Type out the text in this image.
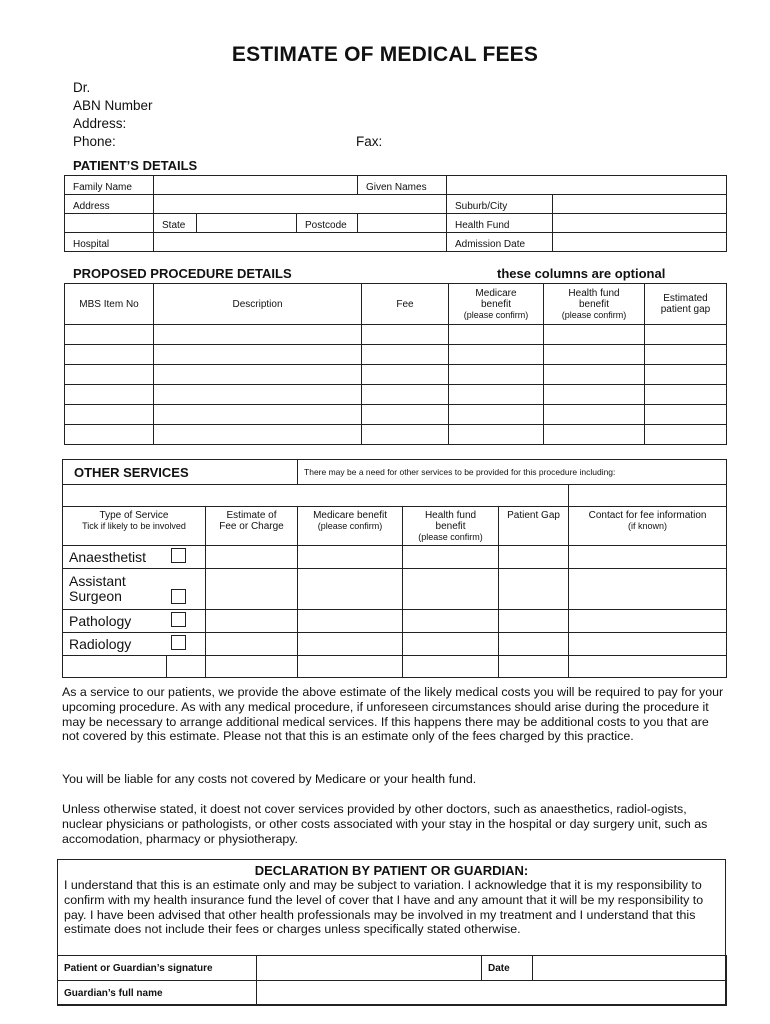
ESTIMATE OF MEDICAL FEES
Dr.
ABN Number
Address:
Phone:	Fax:
PATIENT’S DETAILS
Family Name				Given Names		
Address					Suburb/City	
	State		Postcode		Health Fund	
Hospital					Admission Date	
PROPOSED PROCEDURE DETAILS	these columns are optional
MBS Item No	Description	Fee	Medicare
benefit
(please confirm)	Health fund
benefit
(please confirm)	Estimated
patient gap

OTHER SERVICES			There may be a need for other services to be provided for this procedure including:			

Type of Service
Tick if likely to be involved		Estimate of
Fee or Charge	Medicare benefit
(please confirm)	Health fund
benefit
(please confirm)	Patient Gap	Contact for fee information
(if known)

Anaesthetist						
Assistant
Surgeon						
Pathology						
Radiology						

As a service to our patients, we provide the above estimate of the likely medical costs you will be required to pay for your upcoming procedure. As with any medical procedure, if unforeseen circumstances should arise during the procedure it may be necessary to arrange additional medical services. If this happens there may be additional costs to you that are not covered by this estimate. Please not that this is an estimate only of the fees charged by this practice.
You will be liable for any costs not covered by Medicare or your health fund.
Unless otherwise stated, it doest not cover services provided by other doctors, such as anaesthetics, radiol-ogists, nuclear physicians or pathologists, or other costs associated with your stay in the hospital or day surgery unit, such as accomodation, pharmacy or physiotherapy.
DECLARATION BY PATIENT OR GUARDIAN:
I understand that this is an estimate only and may be subject to variation. I acknowledge that it is my responsibility to confirm with my health insurance fund the level of cover that I have and any amount that it will be my responsibility to pay. I have been advised that other health professionals may be involved in my treatment and I understand that this estimate does not include their fees or charges unless specifically stated otherwise.
Patient or Guardian’s signature		Date	
Guardian’s full name			
